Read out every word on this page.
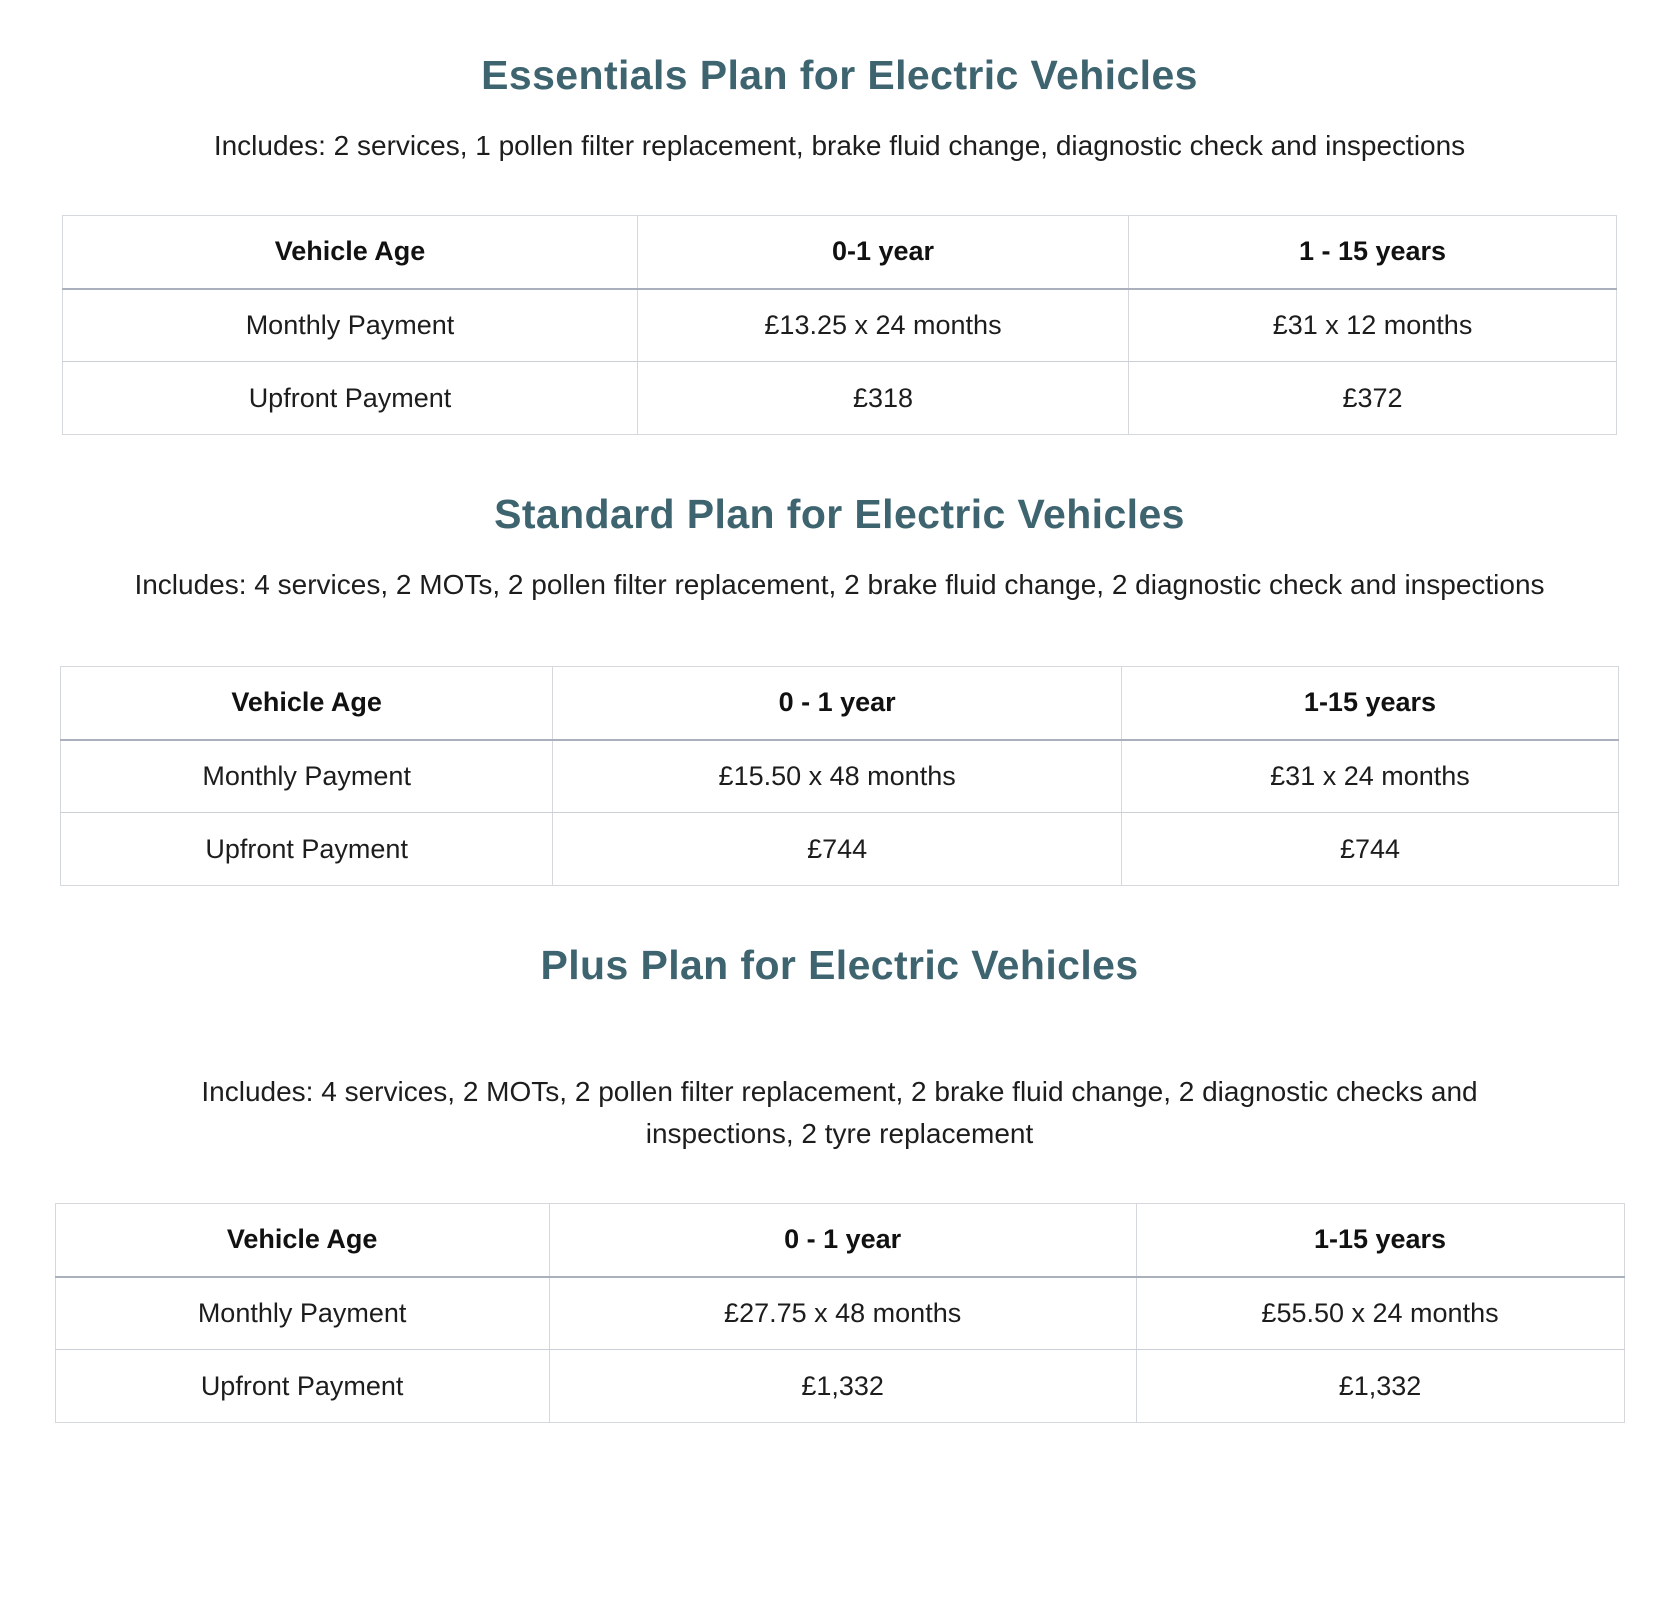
Essentials Plan for Electric Vehicles

Includes: 2 services, 1 pollen filter replacement, brake fluid change, diagnostic check and inspections

Vehicle Age	0-1 year	1 - 15 years
Monthly Payment	£13.25 x 24 months	£31 x 12 months
Upfront Payment	£318	£372
Standard Plan for Electric Vehicles

Includes: 4 services, 2 MOTs, 2 pollen filter replacement, 2 brake fluid change, 2 diagnostic check and inspections

Vehicle Age	0 - 1 year	1-15 years
Monthly Payment	£15.50 x 48 months	£31 x 24 months
Upfront Payment	£744	£744
Plus Plan for Electric Vehicles

Includes: 4 services, 2 MOTs, 2 pollen filter replacement, 2 brake fluid change, 2 diagnostic checks and inspections, 2 tyre replacement

Vehicle Age	0 - 1 year	1-15 years
Monthly Payment	£27.75 x 48 months	£55.50 x 24 months
Upfront Payment	£1,332	£1,332
